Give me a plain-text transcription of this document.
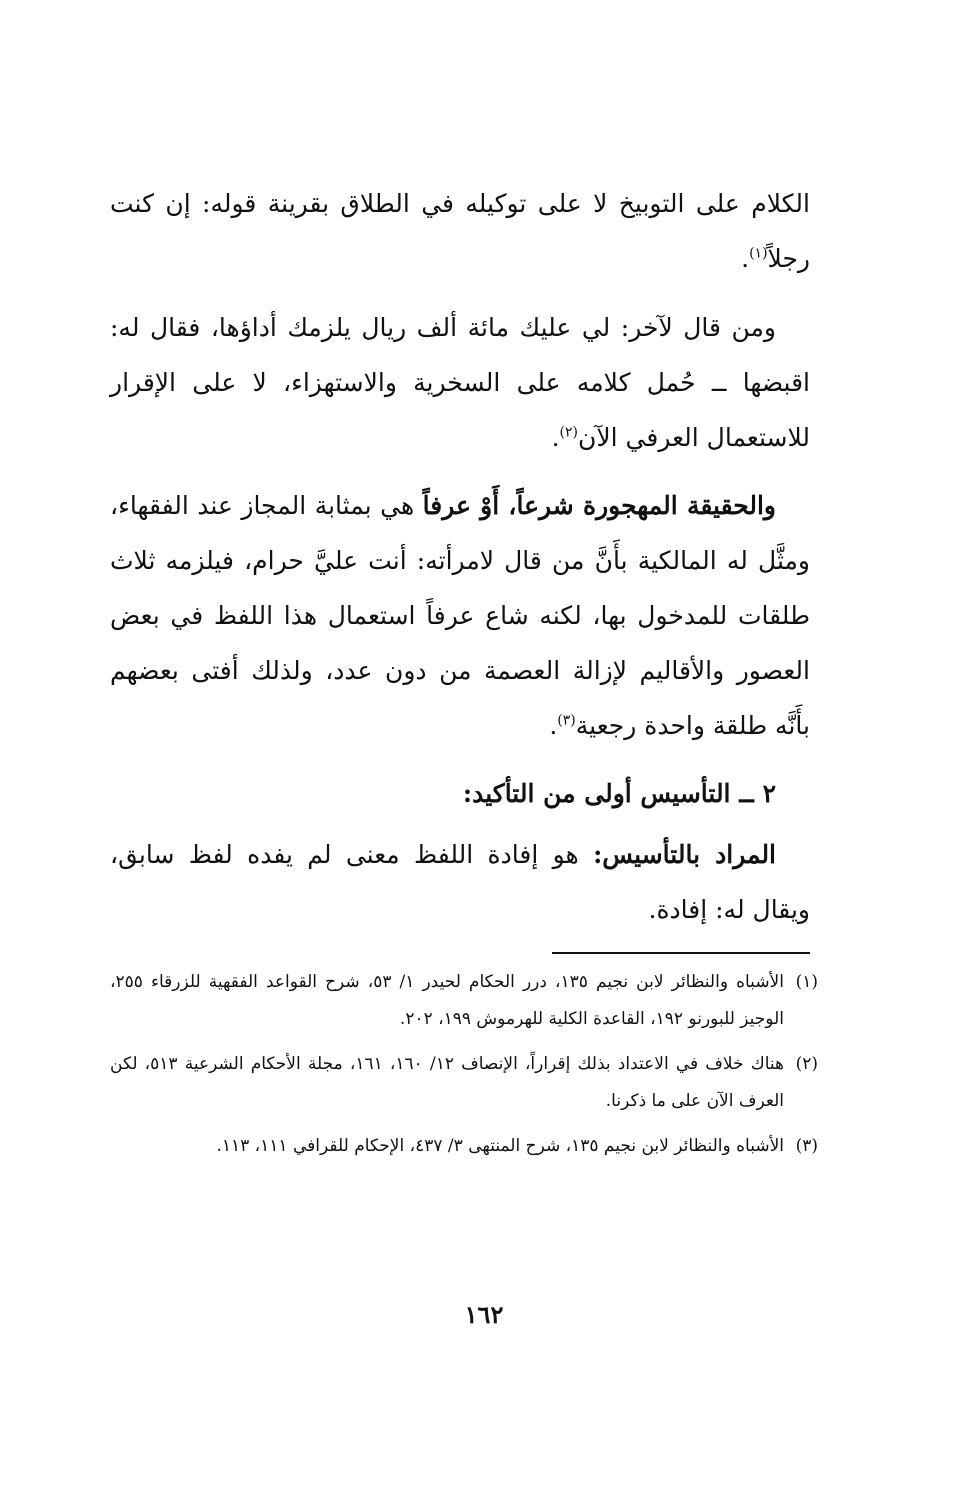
الكلام على التوبيخ لا على توكيله في الطلاق بقرينة قوله: إن كنت رجلاً$^{(١)}$.

ومن قال لآخر: لي عليك مائة ألف ريال يلزمك أداؤها، فقال له: اقبضها ــ حُمل كلامه على السخرية والاستهزاء، لا على الإقرار للاستعمال العرفي الآن$^{(٢)}$.

والحقيقة المهجورة شرعاً، أَوْ عرفاً هي بمثابة المجاز عند الفقهاء، ومثَّل له المالكية بأَنَّ من قال لامرأته: أنت عليَّ حرام، فيلزمه ثلاث طلقات للمدخول بها، لكنه شاع عرفاً استعمال هذا اللفظ في بعض العصور والأقاليم لإزالة العصمة من دون عدد، ولذلك أفتى بعضهم بأَنَّه طلقة واحدة رجعية$^{(٣)}$.

٢ ــ التأسيس أولى من التأكيد:

المراد بالتأسيس: هو إفادة اللفظ معنى لم يفده لفظ سابق، ويقال له: إفادة.

(١)
الأشباه والنظائر لابن نجيم ١٣٥، درر الحكام لحيدر ١/ ٥٣، شرح القواعد الفقهية للزرقاء ٢٥٥، الوجيز للبورنو ١٩٢، القاعدة الكلية للهرموش ١٩٩، ٢٠٢.

(٢)
هناك خلاف في الاعتداد بذلك إقراراً، الإنصاف ١٢/ ١٦٠، ١٦١، مجلة الأحكام الشرعية ٥١٣، لكن العرف الآن على ما ذكرنا.

(٣)
الأشباه والنظائر لابن نجيم ١٣٥، شرح المنتهى ٣/ ٤٣٧، الإحكام للقرافي ١١١، ١١٣.

١٦٢
